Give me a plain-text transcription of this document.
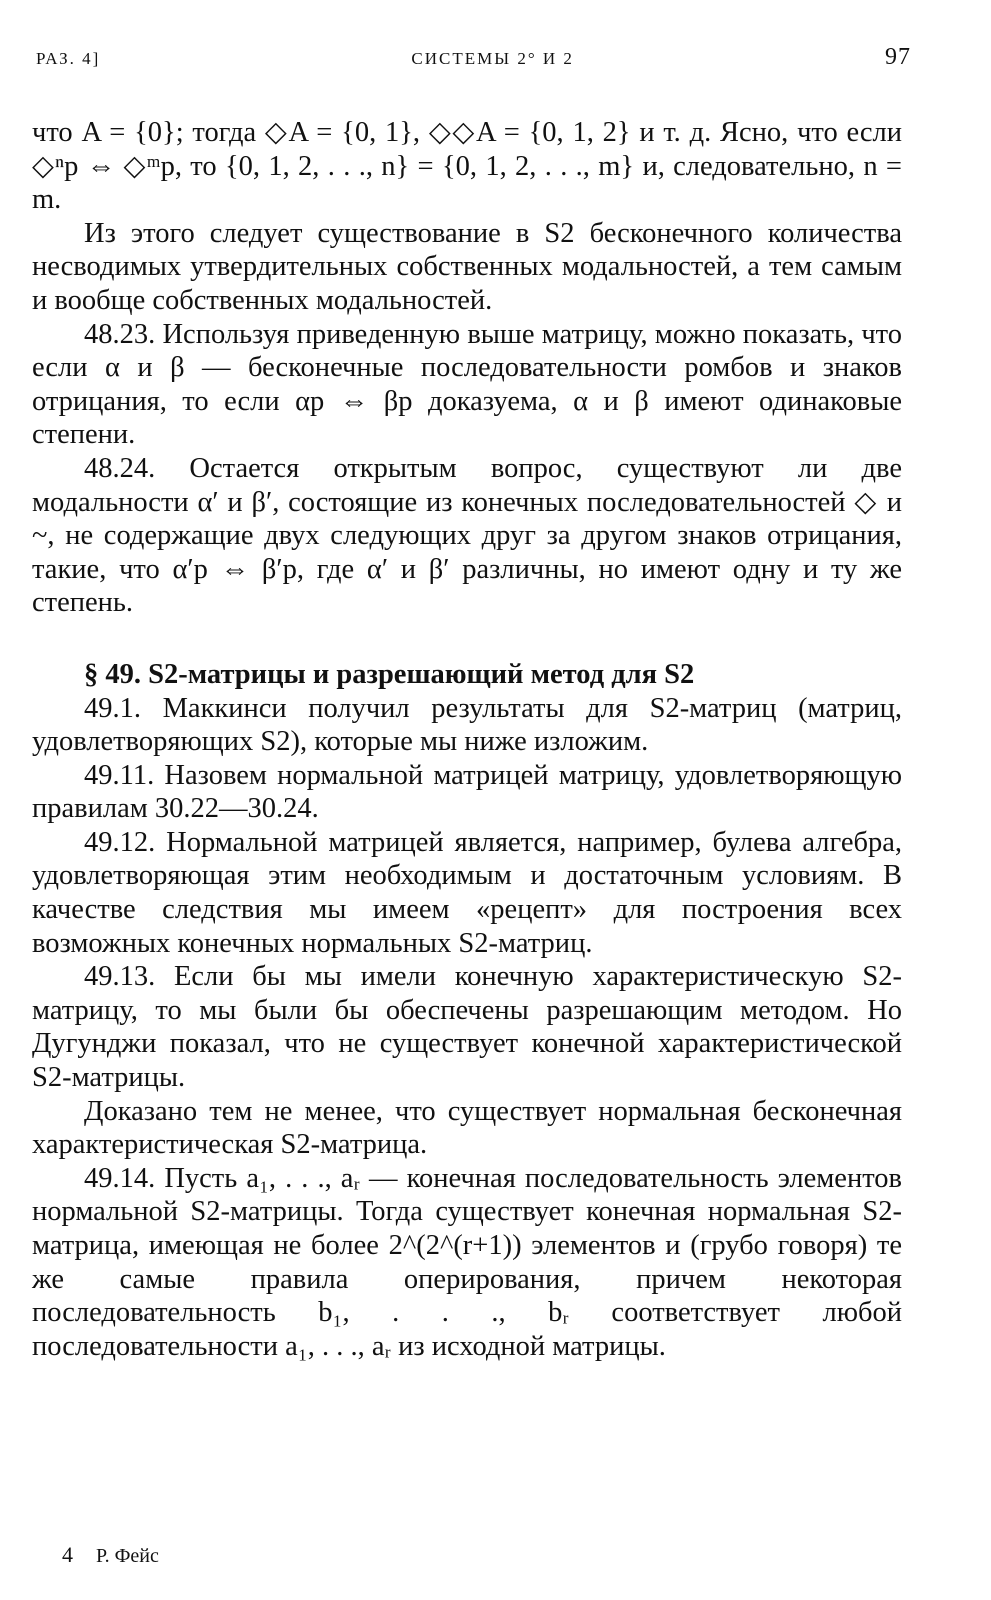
РАЗ. 4]	СИСТЕМЫ 2° И 2	97

что A = {0}; тогда ◇A = {0, 1}, ◇◇A = {0, 1, 2} и т. д. Ясно, что если ◇ⁿp ⇔ ◇ᵐp, то {0, 1, 2, . . ., n} = {0, 1, 2, . . ., m} и, следовательно, n = m.

Из этого следует существование в S2 бесконечного количества несводимых утвердительных собственных модальностей, а тем самым и вообще собственных модальностей.

48.23. Используя приведенную выше матрицу, можно показать, что если α и β — бесконечные последовательности ромбов и знаков отрицания, то если αp ⇔ βp доказуема, α и β имеют одинаковые степени.

48.24. Остается открытым вопрос, существуют ли две модальности α′ и β′, состоящие из конечных последовательностей ◇ и ~, не содержащие двух следующих друг за другом знаков отрицания, такие, что α′p ⇔ β′p, где α′ и β′ различны, но имеют одну и ту же степень.

§ 49. S2-матрицы и разрешающий метод для S2

49.1. Маккинси получил результаты для S2-матриц (матриц, удовлетворяющих S2), которые мы ниже изложим.

49.11. Назовем нормальной матрицей матрицу, удовлетворяющую правилам 30.22—30.24.

49.12. Нормальной матрицей является, например, булева алгебра, удовлетворяющая этим необходимым и достаточным условиям. В качестве следствия мы имеем «рецепт» для построения всех возможных конечных нормальных S2-матриц.

49.13. Если бы мы имели конечную характеристическую S2-матрицу, то мы были бы обеспечены разрешающим методом. Но Дугунджи показал, что не существует конечной характеристической S2-матрицы.

Доказано тем не менее, что существует нормальная бесконечная характеристическая S2-матрица.

49.14. Пусть a₁, . . ., aᵣ — конечная последовательность элементов нормальной S2-матрицы. Тогда существует конечная нормальная S2-матрица, имеющая не более 2^(2^(r+1)) элементов и (грубо говоря) те же самые правила оперирования, причем некоторая последовательность b₁, . . ., bᵣ соответствует любой последовательности a₁, . . ., aᵣ из исходной матрицы.

4 Р. Фейс
